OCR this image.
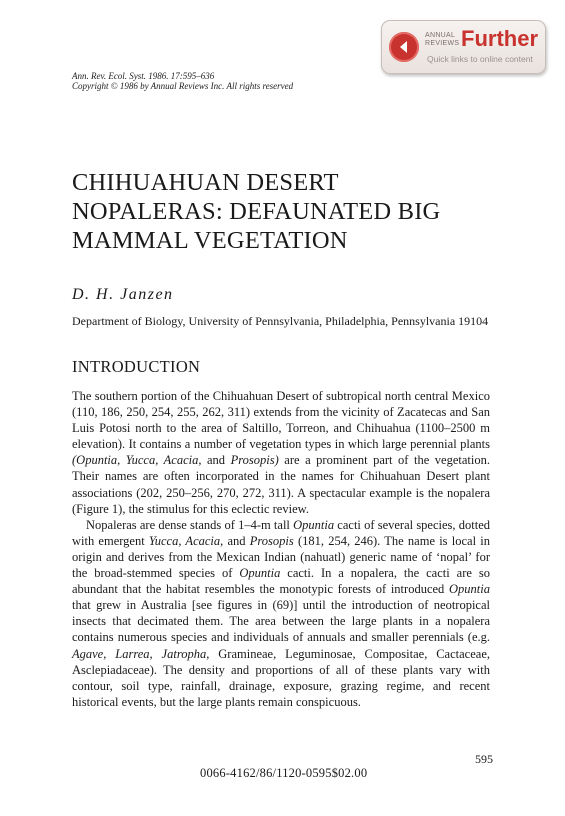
ANNUAL
REVIEWS Further
Quick links to online content
Ann. Rev. Ecol. Syst. 1986. 17:595–636
Copyright © 1986 by Annual Reviews Inc. All rights reserved
CHIHUAHUAN DESERT NOPALERAS: DEFAUNATED BIG MAMMAL VEGETATION

D. H. Janzen

Department of Biology, University of Pennsylvania, Philadelphia, Pennsylvania 19104

INTRODUCTION

The southern portion of the Chihuahuan Desert of subtropical north central Mexico (110, 186, 250, 254, 255, 262, 311) extends from the vicinity of Zacatecas and San Luis Potosi north to the area of Saltillo, Torreon, and Chihuahua (1100–2500 m elevation). It contains a number of vegetation types in which large perennial plants (Opuntia, Yucca, Acacia, and Prosopis) are a prominent part of the vegetation. Their names are often incorporated in the names for Chihuahuan Desert plant associations (202, 250–256, 270, 272, 311). A spectacular example is the nopalera (Figure 1), the stimulus for this eclectic review.

Nopaleras are dense stands of 1–4-m tall Opuntia cacti of several species, dotted with emergent Yucca, Acacia, and Prosopis (181, 254, 246). The name is local in origin and derives from the Mexican Indian (nahuatl) generic name of ‘nopal’ for the broad-stemmed species of Opuntia cacti. In a nopalera, the cacti are so abundant that the habitat resembles the monotypic forests of introduced Opuntia that grew in Australia [see figures in (69)] until the introduction of neotropical insects that decimated them. The area between the large plants in a nopalera contains numerous species and individuals of annuals and smaller perennials (e.g. Agave, Larrea, Jatropha, Gramineae, Leguminosae, Compositae, Cactaceae, Asclepiadaceae). The density and proportions of all of these plants vary with contour, soil type, rainfall, drainage, exposure, grazing regime, and recent historical events, but the large plants remain conspicuous.

595
0066-4162/86/1120-0595$02.00
